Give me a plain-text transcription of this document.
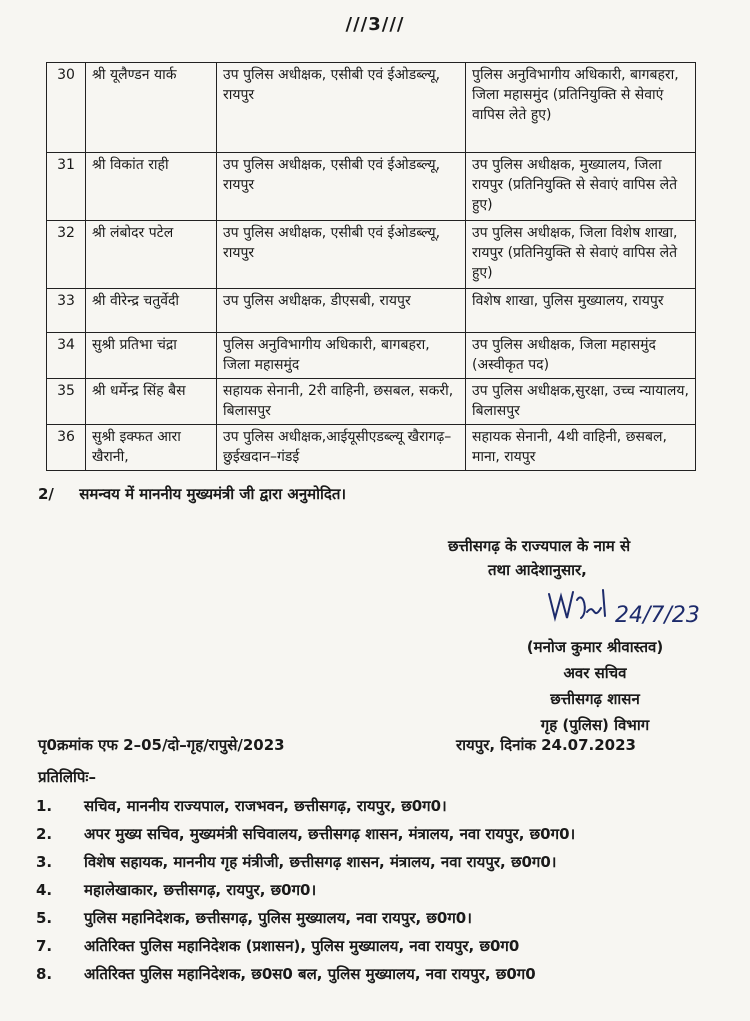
///3///
30	श्री यूलैण्डन यार्क	उप पुलिस अधीक्षक, एसीबी एवं ईओडब्ल्यू, रायपुर	पुलिस अनुविभागीय अधिकारी, बागबहरा, जिला महासमुंद (प्रतिनियुक्ति से सेवाएं वापिस लेते हुए)
31	श्री विकांत राही	उप पुलिस अधीक्षक, एसीबी एवं ईओडब्ल्यू, रायपुर	उप पुलिस अधीक्षक, मुख्यालय, जिला रायपुर (प्रतिनियुक्ति से सेवाएं वापिस लेते हुए)
32	श्री लंबोदर पटेल	उप पुलिस अधीक्षक, एसीबी एवं ईओडब्ल्यू, रायपुर	उप पुलिस अधीक्षक, जिला विशेष शाखा, रायपुर (प्रतिनियुक्ति से सेवाएं वापिस लेते हुए)
33	श्री वीरेन्द्र चतुर्वेदी	उप पुलिस अधीक्षक, डीएसबी, रायपुर	विशेष शाखा, पुलिस मुख्यालय, रायपुर
34	सुश्री प्रतिभा चंद्रा	पुलिस अनुविभागीय अधिकारी, बागबहरा, जिला महासमुंद	उप पुलिस अधीक्षक, जिला महासमुंद (अस्वीकृत पद)
35	श्री धर्मेन्द्र सिंह बैस	सहायक सेनानी, 2री वाहिनी, छसबल, सकरी, बिलासपुर	उप पुलिस अधीक्षक,सुरक्षा, उच्च न्यायालय, बिलासपुर
36	सुश्री इक्फत आरा खैरानी,	उप पुलिस अधीक्षक,आईयूसीएडब्ल्यू खैरागढ़–छुईखदान–गंडई	सहायक सेनानी, 4थी वाहिनी, छसबल, माना, रायपुर
2/ समन्वय में माननीय मुख्यमंत्री जी द्वारा अनुमोदित।
छत्तीसगढ़ के राज्यपाल के नाम से
तथा आदेशानुसार,
24/7/23
(मनोज कुमार श्रीवास्तव)
अवर सचिव
छत्तीसगढ़ शासन
गृह (पुलिस) विभाग
पृ0क्रमांक एफ 2–05/दो–गृह/रापुसे/2023	रायपुर, दिनांक 24.07.2023
प्रतिलिपिः–
1.	सचिव, माननीय राज्यपाल, राजभवन, छत्तीसगढ़, रायपुर, छ0ग0।
2.	अपर मुख्य सचिव, मुख्यमंत्री सचिवालय, छत्तीसगढ़ शासन, मंत्रालय, नवा रायपुर, छ0ग0।
3.	विशेष सहायक, माननीय गृह मंत्रीजी, छत्तीसगढ़ शासन, मंत्रालय, नवा रायपुर, छ0ग0।
4.	महालेखाकार, छत्तीसगढ़, रायपुर, छ0ग0।
5.	पुलिस महानिदेशक, छत्तीसगढ़, पुलिस मुख्यालय, नवा रायपुर, छ0ग0।
7.	अतिरिक्त पुलिस महानिदेशक (प्रशासन), पुलिस मुख्यालय, नवा रायपुर, छ0ग0
8.	अतिरिक्त पुलिस महानिदेशक, छ0स0 बल, पुलिस मुख्यालय, नवा रायपुर, छ0ग0
